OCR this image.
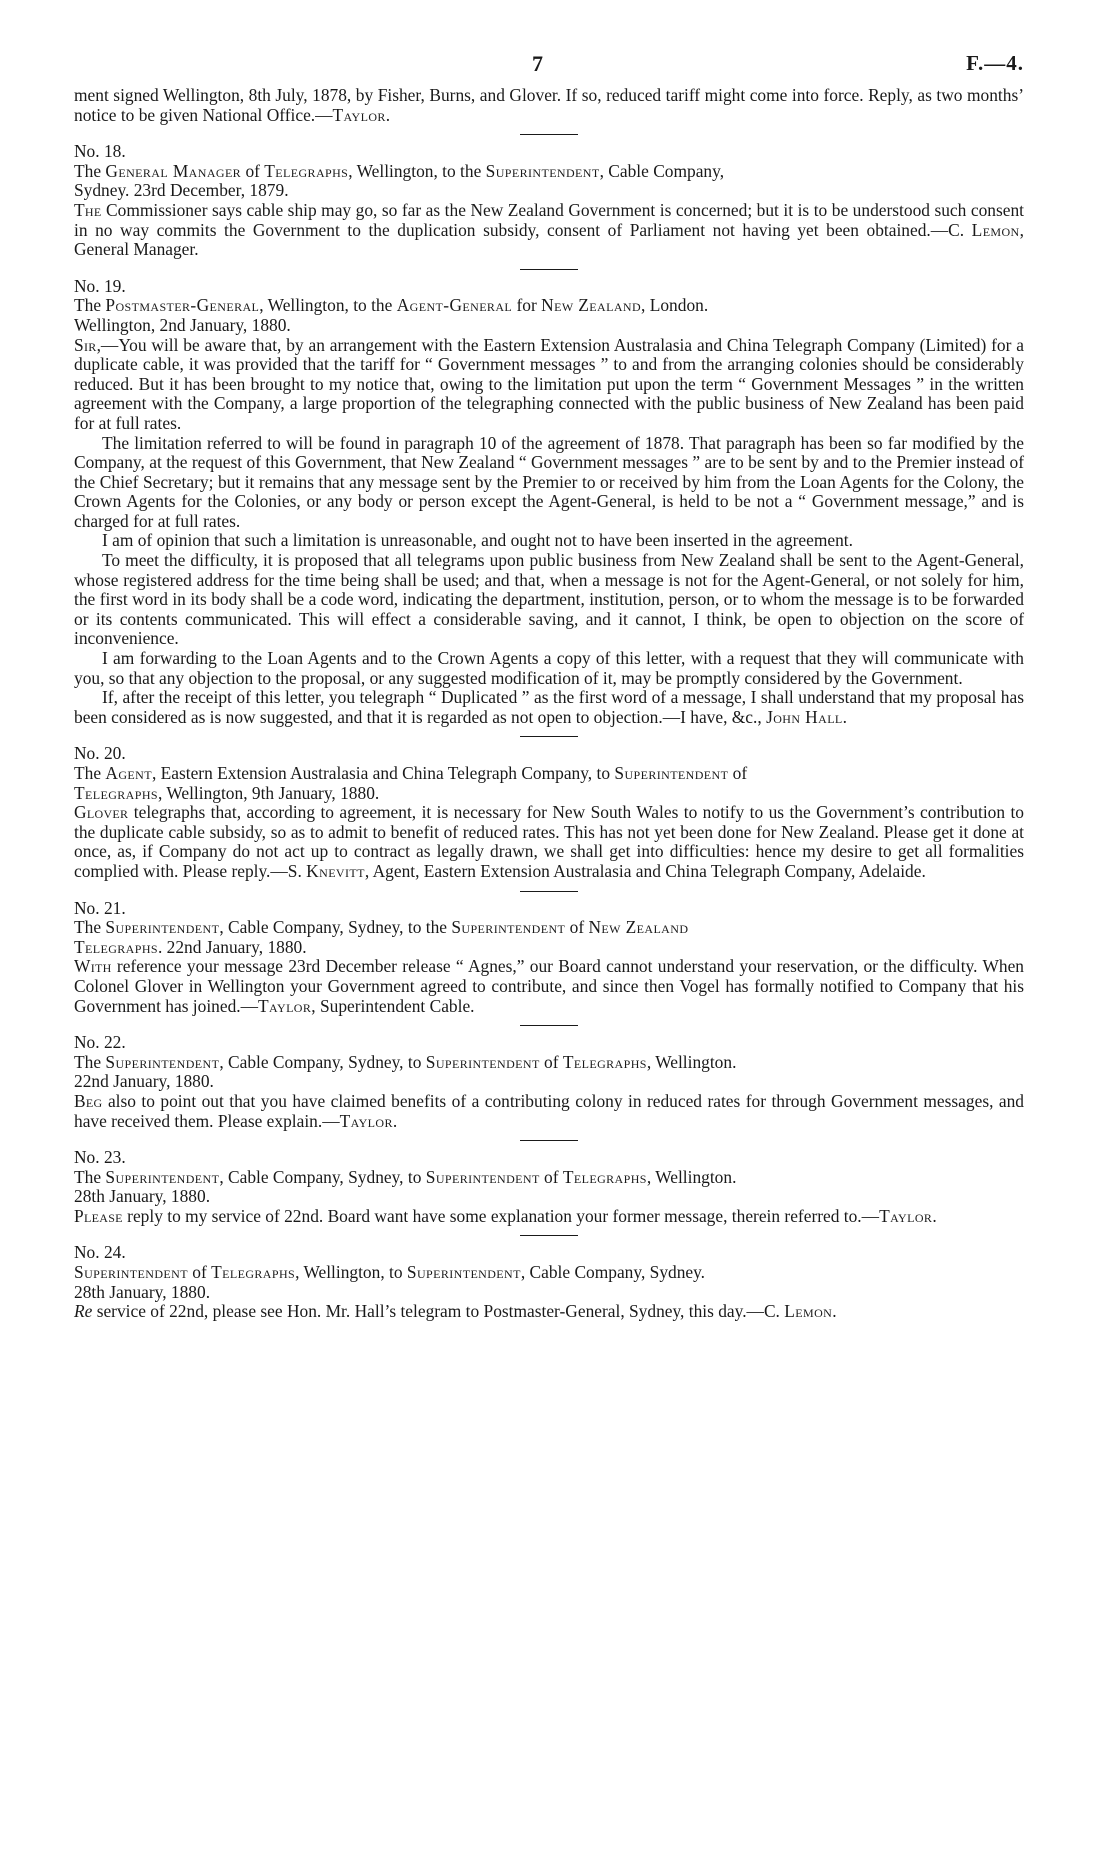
7	F.—4.

ment signed Wellington, 8th July, 1878, by Fisher, Burns, and Glover. If so, reduced tariff might come into force. Reply, as two months’ notice to be given National Office.—Taylor.

No. 18.

The General Manager of Telegraphs, Wellington, to the Superintendent, Cable Company,
Sydney. 23rd December, 1879.

The Commissioner says cable ship may go, so far as the New Zealand Government is concerned; but it is to be understood such consent in no way commits the Government to the duplication subsidy, consent of Parliament not having yet been obtained.—C. Lemon, General Manager.

No. 19.

The Postmaster-General, Wellington, to the Agent-General for New Zealand, London.
Wellington, 2nd January, 1880.

Sir,—You will be aware that, by an arrangement with the Eastern Extension Australasia and China Telegraph Company (Limited) for a duplicate cable, it was provided that the tariff for “ Government messages ” to and from the arranging colonies should be considerably reduced. But it has been brought to my notice that, owing to the limitation put upon the term “ Government Messages ” in the written agreement with the Company, a large proportion of the telegraphing connected with the public business of New Zealand has been paid for at full rates.

The limitation referred to will be found in paragraph 10 of the agreement of 1878. That paragraph has been so far modified by the Company, at the request of this Government, that New Zealand “ Government messages ” are to be sent by and to the Premier instead of the Chief Secretary; but it remains that any message sent by the Premier to or received by him from the Loan Agents for the Colony, the Crown Agents for the Colonies, or any body or person except the Agent-General, is held to be not a “ Government message,” and is charged for at full rates.

I am of opinion that such a limitation is unreasonable, and ought not to have been inserted in the agreement.

To meet the difficulty, it is proposed that all telegrams upon public business from New Zealand shall be sent to the Agent-General, whose registered address for the time being shall be used; and that, when a message is not for the Agent-General, or not solely for him, the first word in its body shall be a code word, indicating the department, institution, person, or to whom the message is to be forwarded or its contents communicated. This will effect a considerable saving, and it cannot, I think, be open to objection on the score of inconvenience.

I am forwarding to the Loan Agents and to the Crown Agents a copy of this letter, with a request that they will communicate with you, so that any objection to the proposal, or any suggested modification of it, may be promptly considered by the Government.

If, after the receipt of this letter, you telegraph “ Duplicated ” as the first word of a message, I shall understand that my proposal has been considered as is now suggested, and that it is regarded as not open to objection.—I have, &c., John Hall.

No. 20.

The Agent, Eastern Extension Australasia and China Telegraph Company, to Superintendent of
Telegraphs, Wellington, 9th January, 1880.

Glover telegraphs that, according to agreement, it is necessary for New South Wales to notify to us the Government’s contribution to the duplicate cable subsidy, so as to admit to benefit of reduced rates. This has not yet been done for New Zealand. Please get it done at once, as, if Company do not act up to contract as legally drawn, we shall get into difficulties: hence my desire to get all formalities complied with. Please reply.—S. Knevitt, Agent, Eastern Extension Australasia and China Telegraph Company, Adelaide.

No. 21.

The Superintendent, Cable Company, Sydney, to the Superintendent of New Zealand
Telegraphs. 22nd January, 1880.

With reference your message 23rd December release “ Agnes,” our Board cannot understand your reservation, or the difficulty. When Colonel Glover in Wellington your Government agreed to contribute, and since then Vogel has formally notified to Company that his Government has joined.—Taylor, Superintendent Cable.

No. 22.

The Superintendent, Cable Company, Sydney, to Superintendent of Telegraphs, Wellington.
22nd January, 1880.

Beg also to point out that you have claimed benefits of a contributing colony in reduced rates for through Government messages, and have received them. Please explain.—Taylor.

No. 23.

The Superintendent, Cable Company, Sydney, to Superintendent of Telegraphs, Wellington.
28th January, 1880.

Please reply to my service of 22nd. Board want have some explanation your former message, therein referred to.—Taylor.

No. 24.

Superintendent of Telegraphs, Wellington, to Superintendent, Cable Company, Sydney.
28th January, 1880.

Re service of 22nd, please see Hon. Mr. Hall’s telegram to Postmaster-General, Sydney, this day.—C. Lemon.
